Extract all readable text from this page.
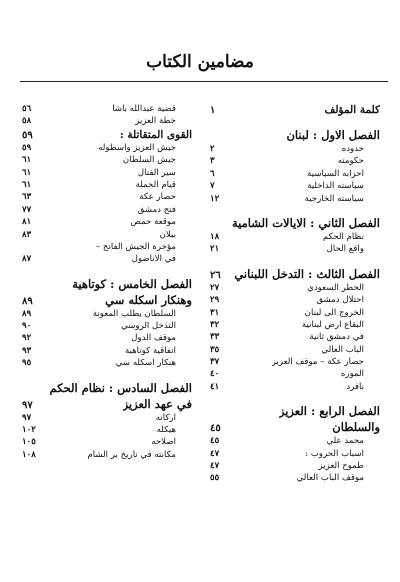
مضامين الكتاب
كلمة المؤلف
١
الفصل الاول : لبنان
حدوده
٢
حكومته
٣
احزابه السياسية
٦
سياسته الداخلية
٧
سياسته الخارجية
١٢
الفصل الثاني : الايالات الشامية
نظام الحكم
١٨
واقع الحال
٢١
الفصل الثالث : التدخل اللبناني
٢٦
الخطر السعودي
٢٧
احتلال دمشق
٢٩
الخروج الى لبنان
٣١
البقاع ارض لبنانية
٣٢
في دمشق ثانية
٣٣
الباب العالي
٣٥
حصار عكة – موقف العزيز
٣٧
الموره
٤٠
نافرد
٤١
الفصل الرابع : العزيز
والسلطان
٤٥
محمد علي
٤٥
اسباب الحروب :
٤٧
طموح العزيز
٤٧
موقف الباب العالي
٥٥
قضية عبدالله باشا
٥٦
خطة العزيز
٥٨
القوى المتقاتلة :
٥٩
جيش العزيز واسطوله
٥٩
جيش السلطان
٦١
سير القتال
٦١
قيام الحملة
٦١
حصار عكة
٦٣
فتح دمشق
٧٧
موقعة حمص
٨١
بيلان
٨٣
مؤخرة الجيش الفاتح –
في الاناضول
٨٧
الفصل الخامس : كوتاهية
وهنكار اسكله سي
٨٩
السلطان يطلب المعونة
٨٩
التدخل الروسي
٩٠
موقف الدول
٩٢
اتفاقية كوتاهية
٩٣
هنكار اسكله سي
٩٥
الفصل السادس : نظام الحكم
في عهد العزيز
٩٧
اركانه
٩٧
هيكله
١٠٢
اصلاحه
١٠٥
مكانته في تاريخ بر الشام
١٠٨
